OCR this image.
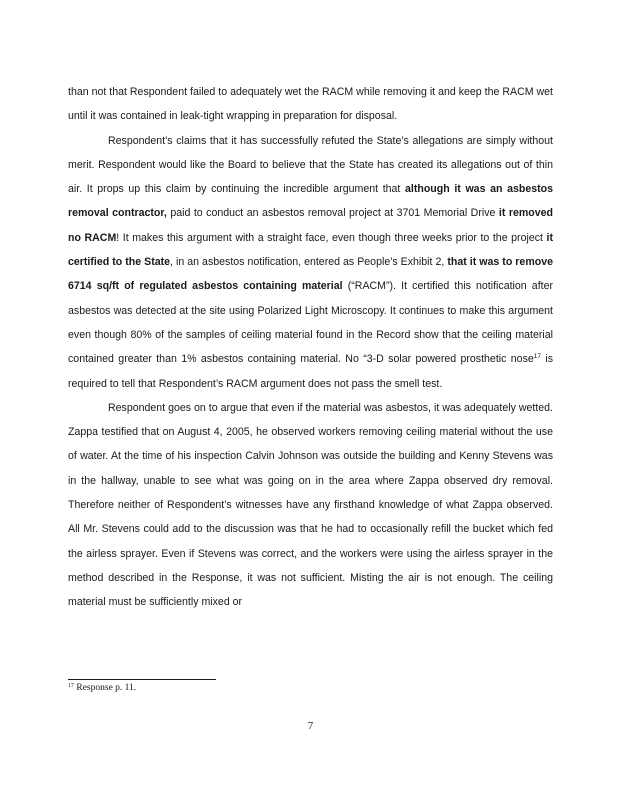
than not that Respondent failed to adequately wet the RACM while removing it and keep the RACM wet until it was contained in leak-tight wrapping in preparation for disposal.

Respondent’s claims that it has successfully refuted the State’s allegations are simply without merit. Respondent would like the Board to believe that the State has created its allegations out of thin air. It props up this claim by continuing the incredible argument that although it was an asbestos removal contractor, paid to conduct an asbestos removal project at 3701 Memorial Drive it removed no RACM! It makes this argument with a straight face, even though three weeks prior to the project it certified to the State, in an asbestos notification, entered as People’s Exhibit 2, that it was to remove 6714 sq/ft of regulated asbestos containing material (“RACM”). It certified this notification after asbestos was detected at the site using Polarized Light Microscopy. It continues to make this argument even though 80% of the samples of ceiling material found in the Record show that the ceiling material contained greater than 1% asbestos containing material. No “3-D solar powered prosthetic nose$^{17}$ is required to tell that Respondent’s RACM argument does not pass the smell test.

Respondent goes on to argue that even if the material was asbestos, it was adequately wetted. Zappa testified that on August 4, 2005, he observed workers removing ceiling material without the use of water. At the time of his inspection Calvin Johnson was outside the building and Kenny Stevens was in the hallway, unable to see what was going on in the area where Zappa observed dry removal. Therefore neither of Respondent’s witnesses have any firsthand knowledge of what Zappa observed. All Mr. Stevens could add to the discussion was that he had to occasionally refill the bucket which fed the airless sprayer. Even if Stevens was correct, and the workers were using the airless sprayer in the method described in the Response, it was not sufficient. Misting the air is not enough. The ceiling material must be sufficiently mixed or

$^{17}$ Response p. 11.
7
